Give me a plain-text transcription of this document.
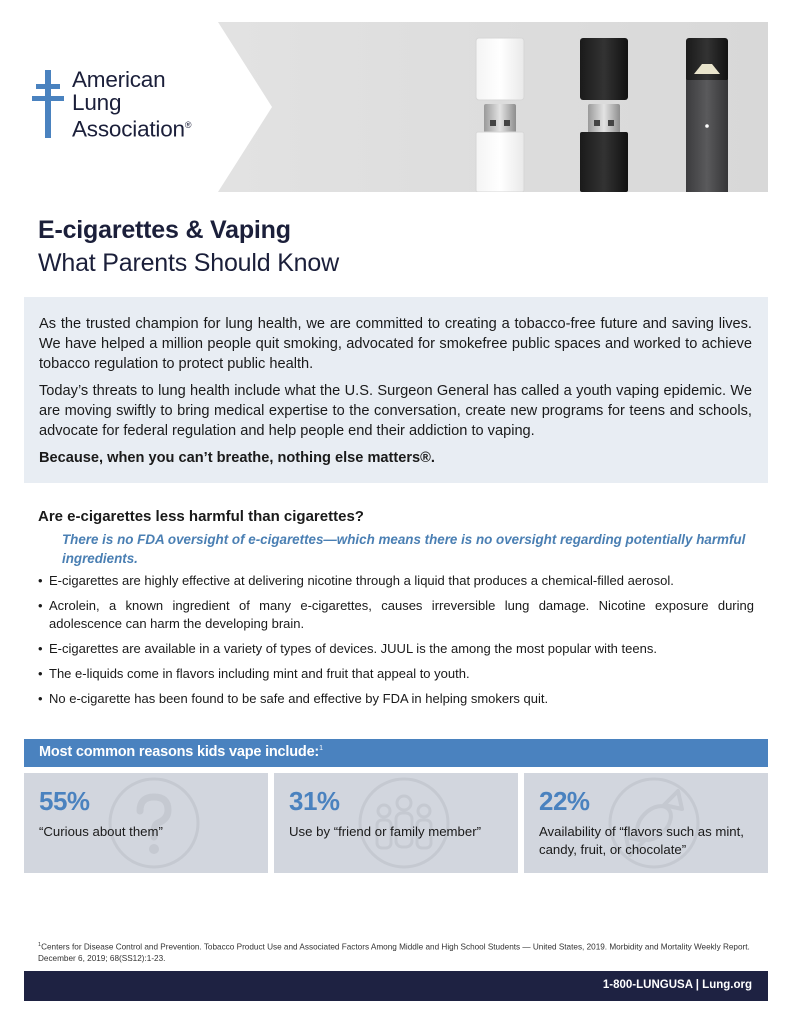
American
Lung
Association®
E-cigarettes & Vaping
What Parents Should Know

As the trusted champion for lung health, we are committed to creating a tobacco-free future and saving lives. We have helped a million people quit smoking, advocated for smokefree public spaces and worked to achieve tobacco regulation to protect public health.

Today’s threats to lung health include what the U.S. Surgeon General has called a youth vaping epidemic. We are moving swiftly to bring medical expertise to the conversation, create new programs for teens and schools, advocate for federal regulation and help people end their addiction to vaping.

Because, when you can’t breathe, nothing else matters®.

Are e-cigarettes less harmful than cigarettes?
There is no FDA oversight of e-cigarettes—which means there is no oversight regarding potentially harmful ingredients.
• E-cigarettes are highly effective at delivering nicotine through a liquid that produces a chemical-filled aerosol.
• Acrolein, a known ingredient of many e-cigarettes, causes irreversible lung damage. Nicotine exposure during adolescence can harm the developing brain.
• E-cigarettes are available in a variety of types of devices. JUUL is the among the most popular with teens.
• The e-liquids come in flavors including mint and fruit that appeal to youth.
• No e-cigarette has been found to be safe and effective by FDA in helping smokers quit.
Most common reasons kids vape include:$^1$
55%
“Curious about them”
31%
Use by “friend or family member”
22%
Availability of “flavors such as mint, candy, fruit, or chocolate”
$^1$Centers for Disease Control and Prevention. Tobacco Product Use and Associated Factors Among Middle and High School Students — United States, 2019. Morbidity and Mortality Weekly Report. December 6, 2019; 68(SS12):1-23.
1-800-LUNGUSA | Lung.org
